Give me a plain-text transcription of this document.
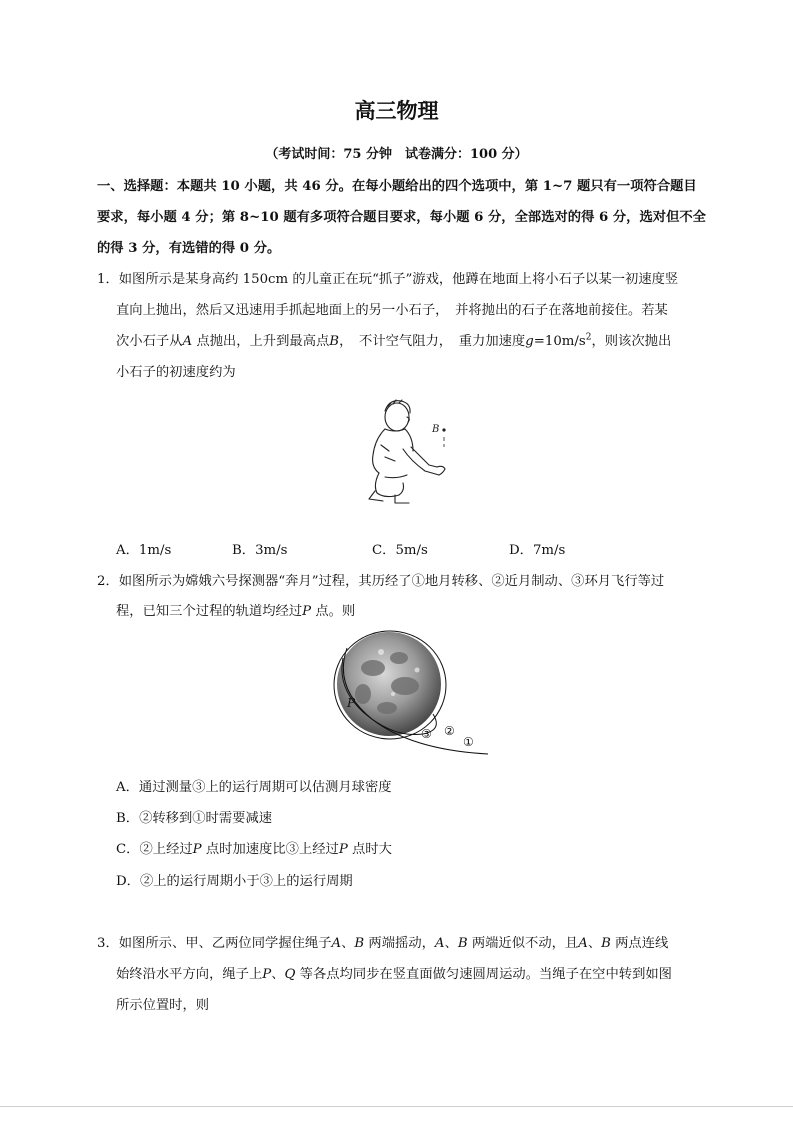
高三物理
（考试时间：75 分钟　试卷满分：100 分）
一、选择题：本题共 10 小题，共 46 分。在每小题给出的四个选项中，第 1~7 题只有一项符合题目
要求，每小题 4 分；第 8~10 题有多项符合题目要求，每小题 6 分，全部选对的得 6 分，选对但不全
的得 3 分，有选错的得 0 分。
1．如图所示是某身高约 150cm 的儿童正在玩“抓子”游戏，他蹲在地面上将小石子以某一初速度竖
直向上抛出，然后又迅速用手抓起地面上的另一小石子，　并将抛出的石子在落地前接住。若某
次小石子从A 点抛出，上升到最高点B，　不计空气阻力，　重力加速度$g=10m/s^2$，则该次抛出
小石子的初速度约为
B
A．1m/s	B．3m/s	C．5m/s	D．7m/s
2．如图所示为嫦娥六号探测器“奔月”过程，其历经了①地月转移、②近月制动、③环月飞行等过
程，已知三个过程的轨道均经过P 点。则
P
③ ②
①
A．通过测量③上的运行周期可以估测月球密度
B．②转移到①时需要减速
C．②上经过P 点时加速度比③上经过P 点时大
D．②上的运行周期小于③上的运行周期
3．如图所示、甲、乙两位同学握住绳子A、B 两端摇动，A、B 两端近似不动，且A、B 两点连线
始终沿水平方向，绳子上P、Q 等各点均同步在竖直面做匀速圆周运动。当绳子在空中转到如图
所示位置时，则
